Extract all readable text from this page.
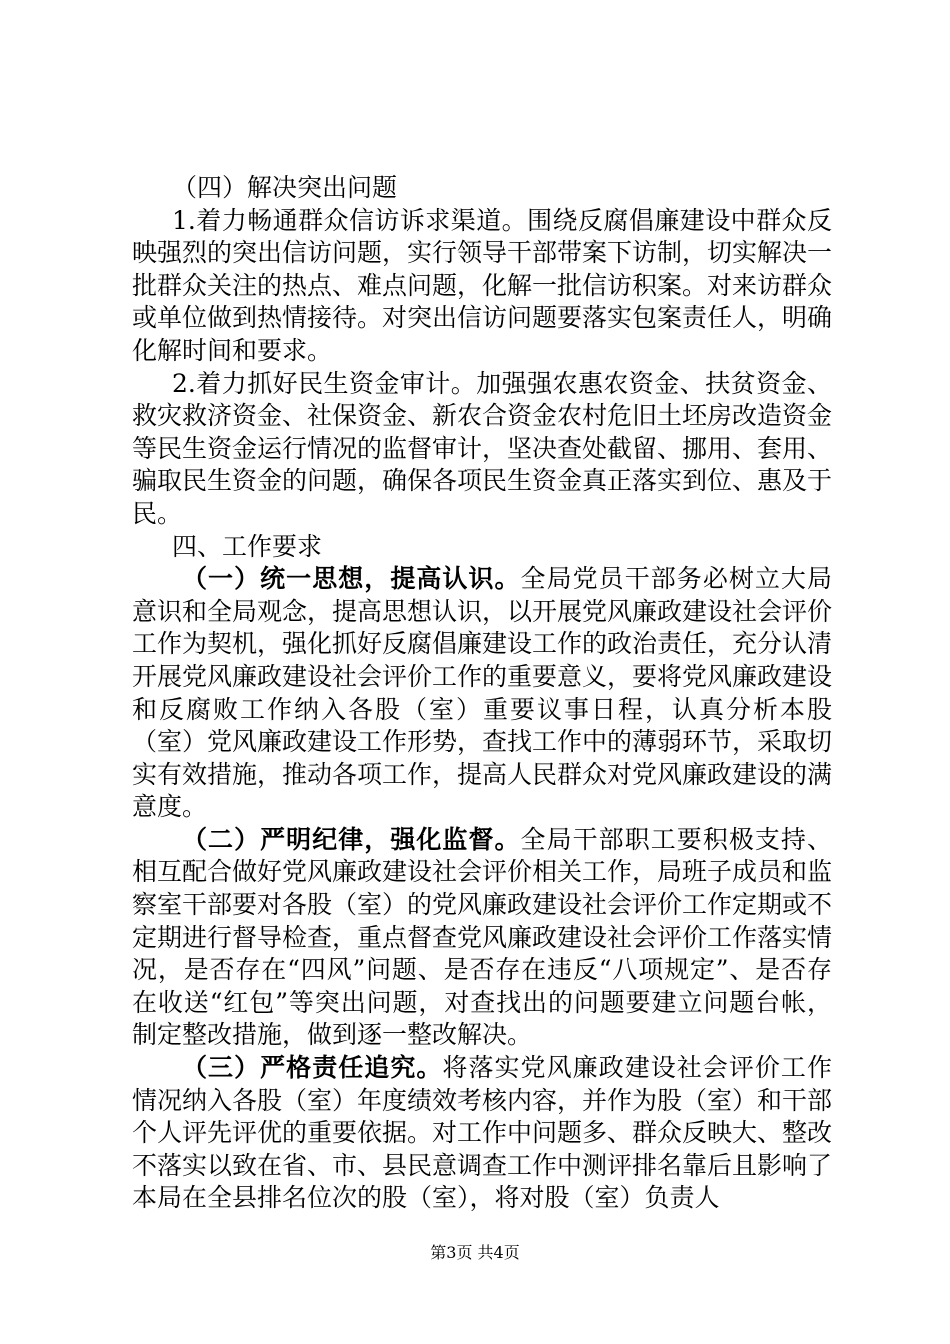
（四）解决突出问题

1.着力畅通群众信访诉求渠道。围绕反腐倡廉建设中群众反映强烈的突出信访问题，实行领导干部带案下访制，切实解决一批群众关注的热点、难点问题，化解一批信访积案。对来访群众或单位做到热情接待。对突出信访问题要落实包案责任人，明确化解时间和要求。

2.着力抓好民生资金审计。加强强农惠农资金、扶贫资金、救灾救济资金、社保资金、新农合资金农村危旧土坯房改造资金等民生资金运行情况的监督审计，坚决查处截留、挪用、套用、骗取民生资金的问题，确保各项民生资金真正落实到位、惠及于民。

四、工作要求

（一）统一思想，提高认识。全局党员干部务必树立大局意识和全局观念，提高思想认识，以开展党风廉政建设社会评价工作为契机，强化抓好反腐倡廉建设工作的政治责任，充分认清开展党风廉政建设社会评价工作的重要意义，要将党风廉政建设和反腐败工作纳入各股（室）重要议事日程，认真分析本股（室）党风廉政建设工作形势，查找工作中的薄弱环节，采取切实有效措施，推动各项工作，提高人民群众对党风廉政建设的满意度。

（二）严明纪律，强化监督。全局干部职工要积极支持、相互配合做好党风廉政建设社会评价相关工作，局班子成员和监察室干部要对各股（室）的党风廉政建设社会评价工作定期或不定期进行督导检查，重点督查党风廉政建设社会评价工作落实情况，是否存在“四风”问题、是否存在违反“八项规定”、是否存在收送“红包”等突出问题，对查找出的问题要建立问题台帐，制定整改措施，做到逐一整改解决。

（三）严格责任追究。将落实党风廉政建设社会评价工作情况纳入各股（室）年度绩效考核内容，并作为股（室）和干部个人评先评优的重要依据。对工作中问题多、群众反映大、整改不落实以致在省、市、县民意调查工作中测评排名靠后且影响了本局在全县排名位次的股（室），将对股（室）负责人

第3页 共4页
